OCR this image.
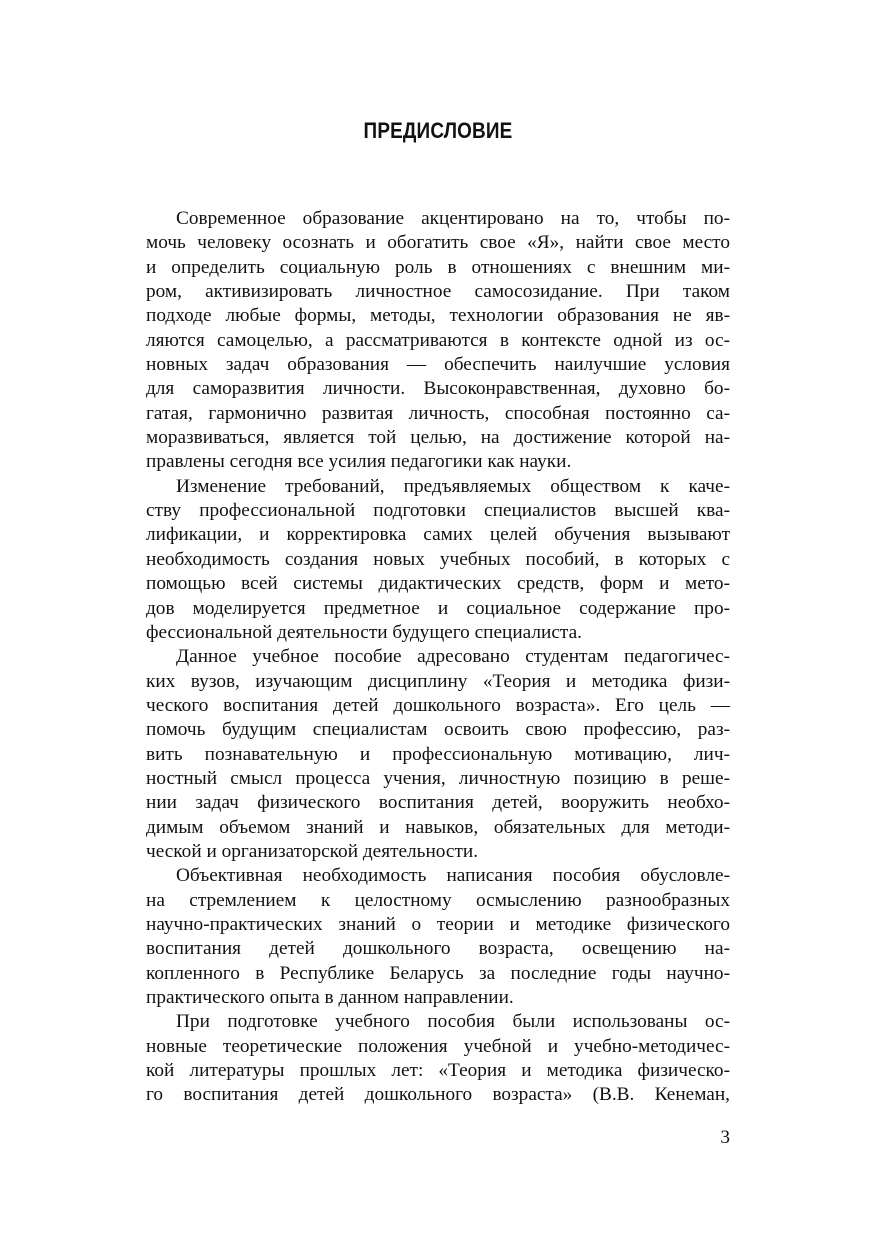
ПРЕДИСЛОВИЕ
Современное образование акцентировано на то, чтобы по-
мочь человеку осознать и обогатить свое «Я», найти свое место
и определить социальную роль в отношениях с внешним ми-
ром, активизировать личностное самосозидание. При таком
подходе любые формы, методы, технологии образования не яв-
ляются самоцелью, а рассматриваются в контексте одной из ос-
новных задач образования — обеспечить наилучшие условия
для саморазвития личности. Высоконравственная, духовно бо-
гатая, гармонично развитая личность, способная постоянно са-
моразвиваться, является той целью, на достижение которой на-
правлены сегодня все усилия педагогики как науки.
Изменение требований, предъявляемых обществом к каче-
ству профессиональной подготовки специалистов высшей ква-
лификации, и корректировка самих целей обучения вызывают
необходимость создания новых учебных пособий, в которых с
помощью всей системы дидактических средств, форм и мето-
дов моделируется предметное и социальное содержание про-
фессиональной деятельности будущего специалиста.
Данное учебное пособие адресовано студентам педагогичес-
ких вузов, изучающим дисциплину «Теория и методика физи-
ческого воспитания детей дошкольного возраста». Его цель —
помочь будущим специалистам освоить свою профессию, раз-
вить познавательную и профессиональную мотивацию, лич-
ностный смысл процесса учения, личностную позицию в реше-
нии задач физического воспитания детей, вооружить необхо-
димым объемом знаний и навыков, обязательных для методи-
ческой и организаторской деятельности.
Объективная необходимость написания пособия обусловле-
на стремлением к целостному осмыслению разнообразных
научно-практических знаний о теории и методике физического
воспитания детей дошкольного возраста, освещению на-
копленного в Республике Беларусь за последние годы научно-
практического опыта в данном направлении.
При подготовке учебного пособия были использованы ос-
новные теоретические положения учебной и учебно-методичес-
кой литературы прошлых лет: «Теория и методика физическо-
го воспитания детей дошкольного возраста» (В.В. Кенеман,
3
